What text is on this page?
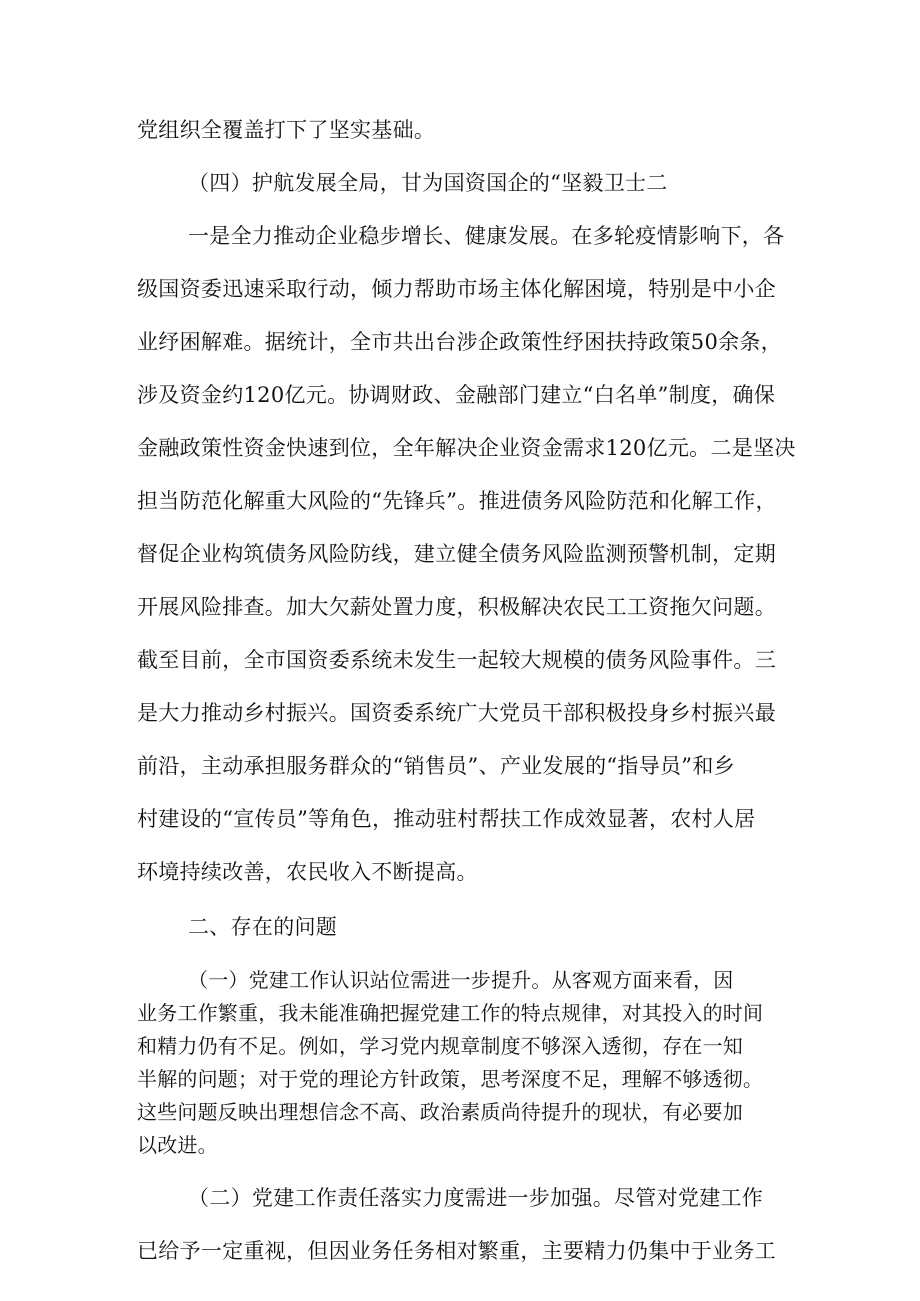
党组织全覆盖打下了坚实基础。
（四）护航发展全局，甘为国资国企的“坚毅卫士二
一是全力推动企业稳步增长、健康发展。在多轮疫情影响下，各
级国资委迅速采取行动，倾力帮助市场主体化解困境，特别是中小企
业纾困解难。据统计，全市共出台涉企政策性纾困扶持政策50余条，
涉及资金约120亿元。协调财政、金融部门建立“白名单”制度，确保
金融政策性资金快速到位，全年解决企业资金需求120亿元。二是坚决
担当防范化解重大风险的“先锋兵”。推进债务风险防范和化解工作，
督促企业构筑债务风险防线，建立健全债务风险监测预警机制，定期
开展风险排查。加大欠薪处置力度，积极解决农民工工资拖欠问题。
截至目前，全市国资委系统未发生一起较大规模的债务风险事件。三
是大力推动乡村振兴。国资委系统广大党员干部积极投身乡村振兴最
前沿，主动承担服务群众的“销售员”、产业发展的“指导员”和乡
村建设的“宣传员”等角色，推动驻村帮扶工作成效显著，农村人居
环境持续改善，农民收入不断提高。
二、存在的问题
（一）党建工作认识站位需进一步提升。从客观方面来看，因
业务工作繁重，我未能准确把握党建工作的特点规律，对其投入的时间
和精力仍有不足。例如，学习党内规章制度不够深入透彻，存在一知
半解的问题；对于党的理论方针政策，思考深度不足，理解不够透彻。
这些问题反映出理想信念不高、政治素质尚待提升的现状，有必要加
以改进。
（二）党建工作责任落实力度需进一步加强。尽管对党建工作
已给予一定重视，但因业务任务相对繁重，主要精力仍集中于业务工
